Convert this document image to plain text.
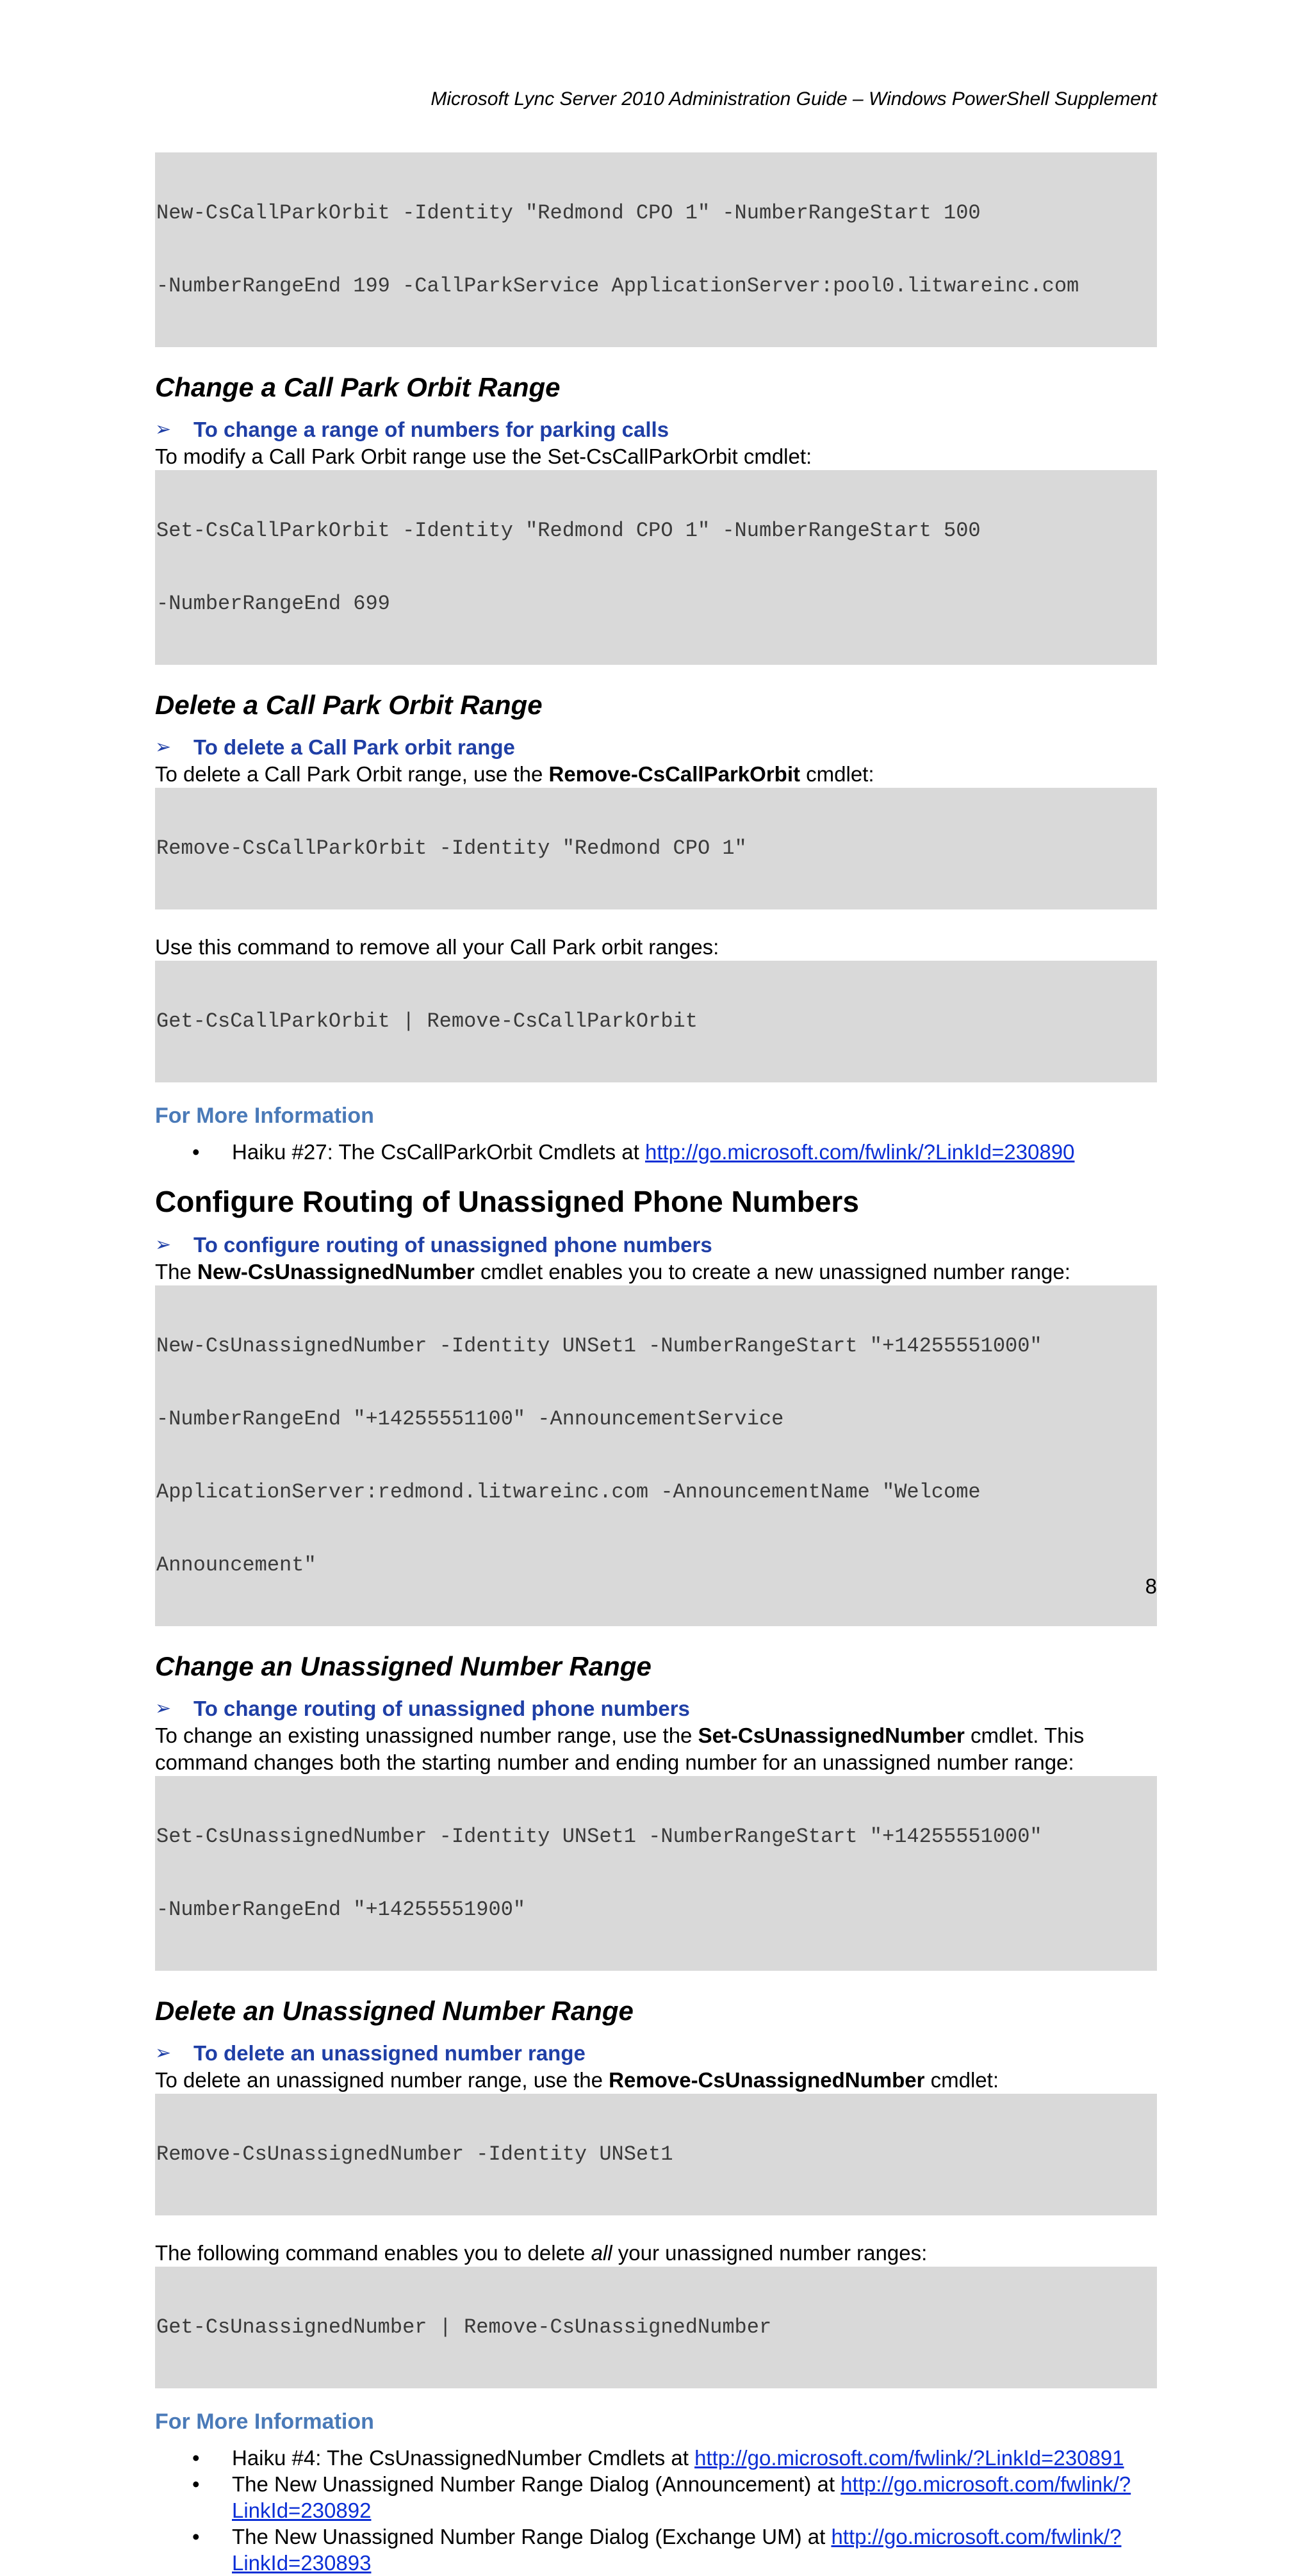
Microsoft Lync Server 2010 Administration Guide – Windows PowerShell Supplement

New-CsCallParkOrbit -Identity "Redmond CPO 1" -NumberRangeStart 100

-NumberRangeEnd 199 -CallParkService ApplicationServer:pool0.litwareinc.com

Change a Call Park Orbit Range
➢	To change a range of numbers for parking calls

To modify a Call Park Orbit range use the Set-CsCallParkOrbit cmdlet:

Set-CsCallParkOrbit -Identity "Redmond CPO 1" -NumberRangeStart 500

-NumberRangeEnd 699

Delete a Call Park Orbit Range
➢	To delete a Call Park orbit range

To delete a Call Park Orbit range, use the Remove-CsCallParkOrbit cmdlet:

Remove-CsCallParkOrbit -Identity "Redmond CPO 1"

Use this command to remove all your Call Park orbit ranges:

Get-CsCallParkOrbit | Remove-CsCallParkOrbit

For More Information
• Haiku #27: The CsCallParkOrbit Cmdlets at http://go.microsoft.com/fwlink/?LinkId=230890
Configure Routing of Unassigned Phone Numbers
➢	To configure routing of unassigned phone numbers

The New-CsUnassignedNumber cmdlet enables you to create a new unassigned number range:

New-CsUnassignedNumber -Identity UNSet1 -NumberRangeStart "+14255551000"

-NumberRangeEnd "+14255551100" -AnnouncementService

ApplicationServer:redmond.litwareinc.com -AnnouncementName "Welcome

Announcement"

Change an Unassigned Number Range
➢	To change routing of unassigned phone numbers

To change an existing unassigned number range, use the Set-CsUnassignedNumber cmdlet. This

command changes both the starting number and ending number for an unassigned number range:

Set-CsUnassignedNumber -Identity UNSet1 -NumberRangeStart "+14255551000"

-NumberRangeEnd "+14255551900"

Delete an Unassigned Number Range
➢	To delete an unassigned number range

To delete an unassigned number range, use the Remove-CsUnassignedNumber cmdlet:

Remove-CsUnassignedNumber -Identity UNSet1

The following command enables you to delete all your unassigned number ranges:

Get-CsUnassignedNumber | Remove-CsUnassignedNumber

For More Information
• Haiku #4: The CsUnassignedNumber Cmdlets at http://go.microsoft.com/fwlink/?LinkId=230891
• The New Unassigned Number Range Dialog (Announcement) at http://go.microsoft.com/fwlink/?
LinkId=230892
• The New Unassigned Number Range Dialog (Exchange UM) at http://go.microsoft.com/fwlink/?
LinkId=230893
8
